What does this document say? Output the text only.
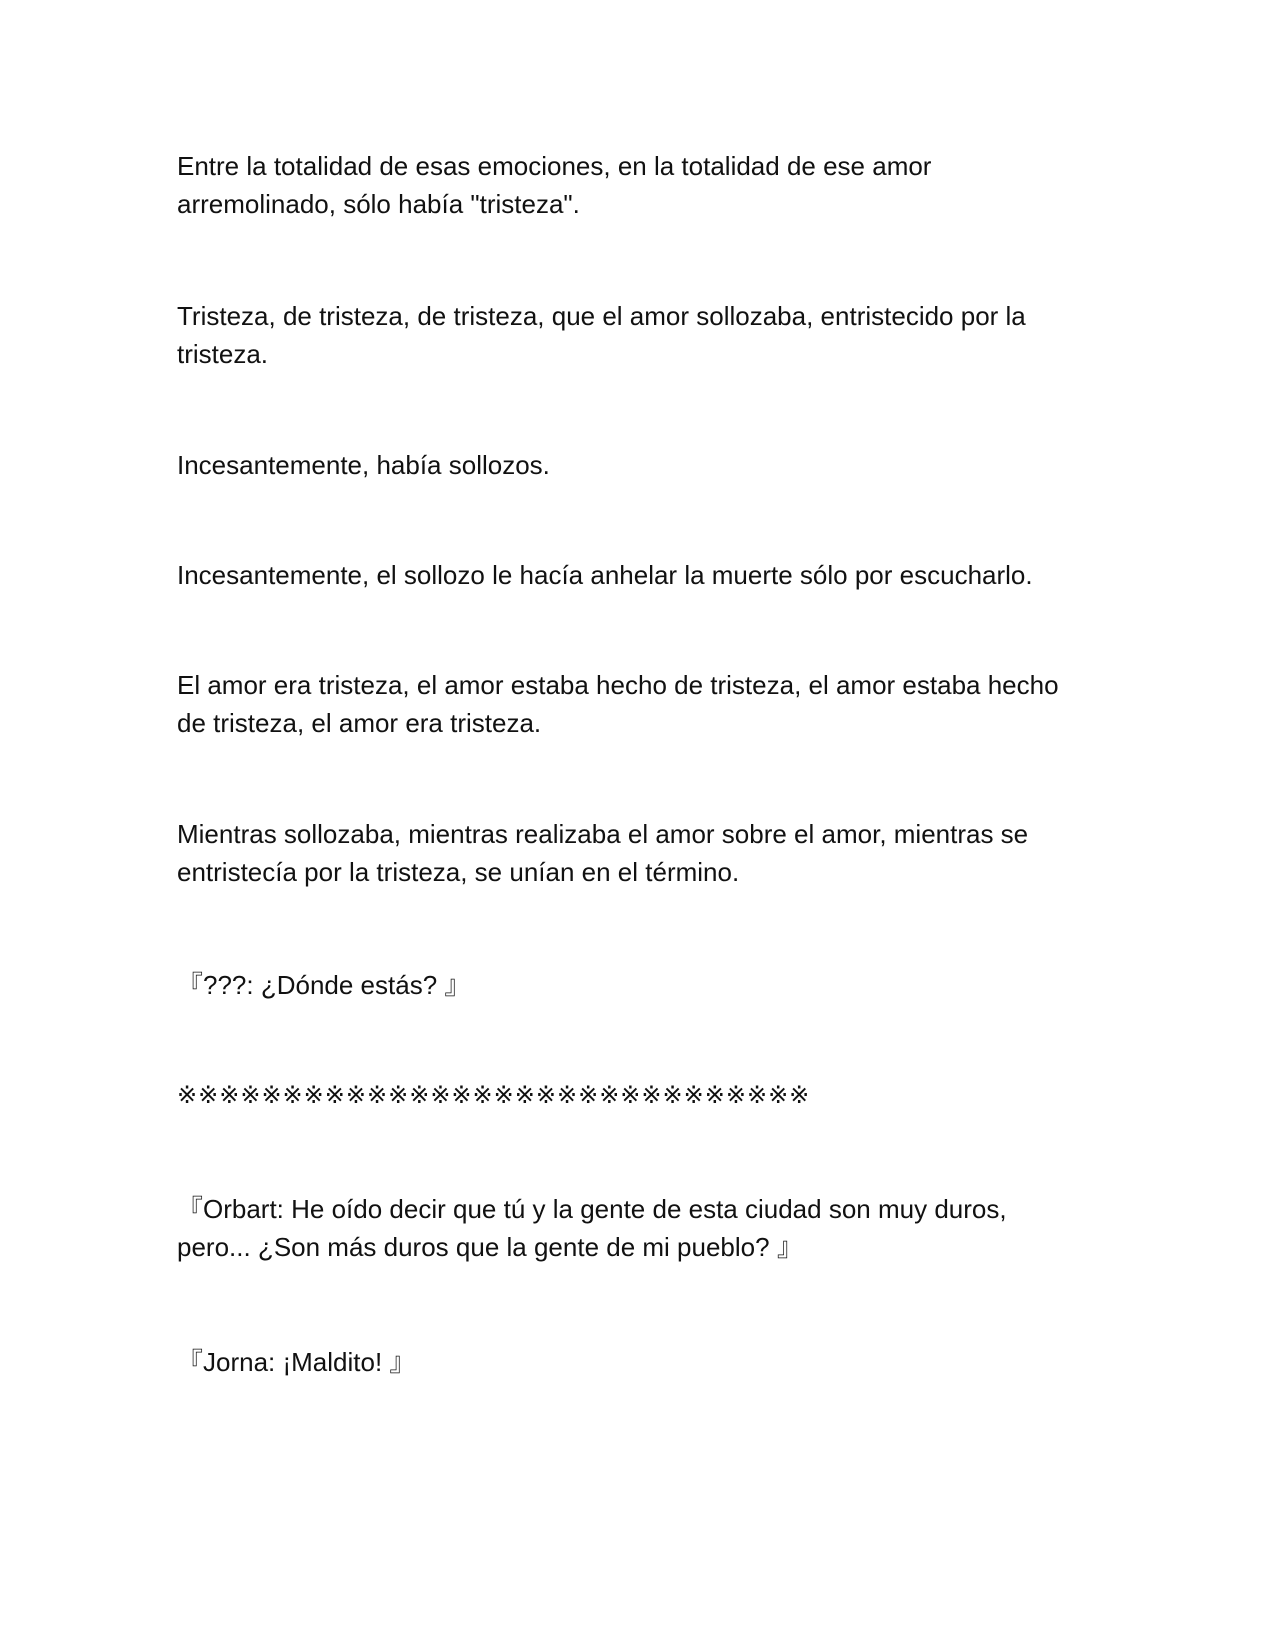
Entre la totalidad de esas emociones, en la totalidad de ese amor
arremolinado, sólo había "tristeza".

Tristeza, de tristeza, de tristeza, que el amor sollozaba, entristecido por la
tristeza.

Incesantemente, había sollozos.

Incesantemente, el sollozo le hacía anhelar la muerte sólo por escucharlo.

El amor era tristeza, el amor estaba hecho de tristeza, el amor estaba hecho
de tristeza, el amor era tristeza.

Mientras sollozaba, mientras realizaba el amor sobre el amor, mientras se
entristecía por la tristeza, se unían en el término.

『???: ¿Dónde estás? 』

※※※※※※※※※※※※※※※※※※※※※※※※※※※※※※

『Orbart: He oído decir que tú y la gente de esta ciudad son muy duros,
pero... ¿Son más duros que la gente de mi pueblo? 』

『Jorna: ¡Maldito! 』
